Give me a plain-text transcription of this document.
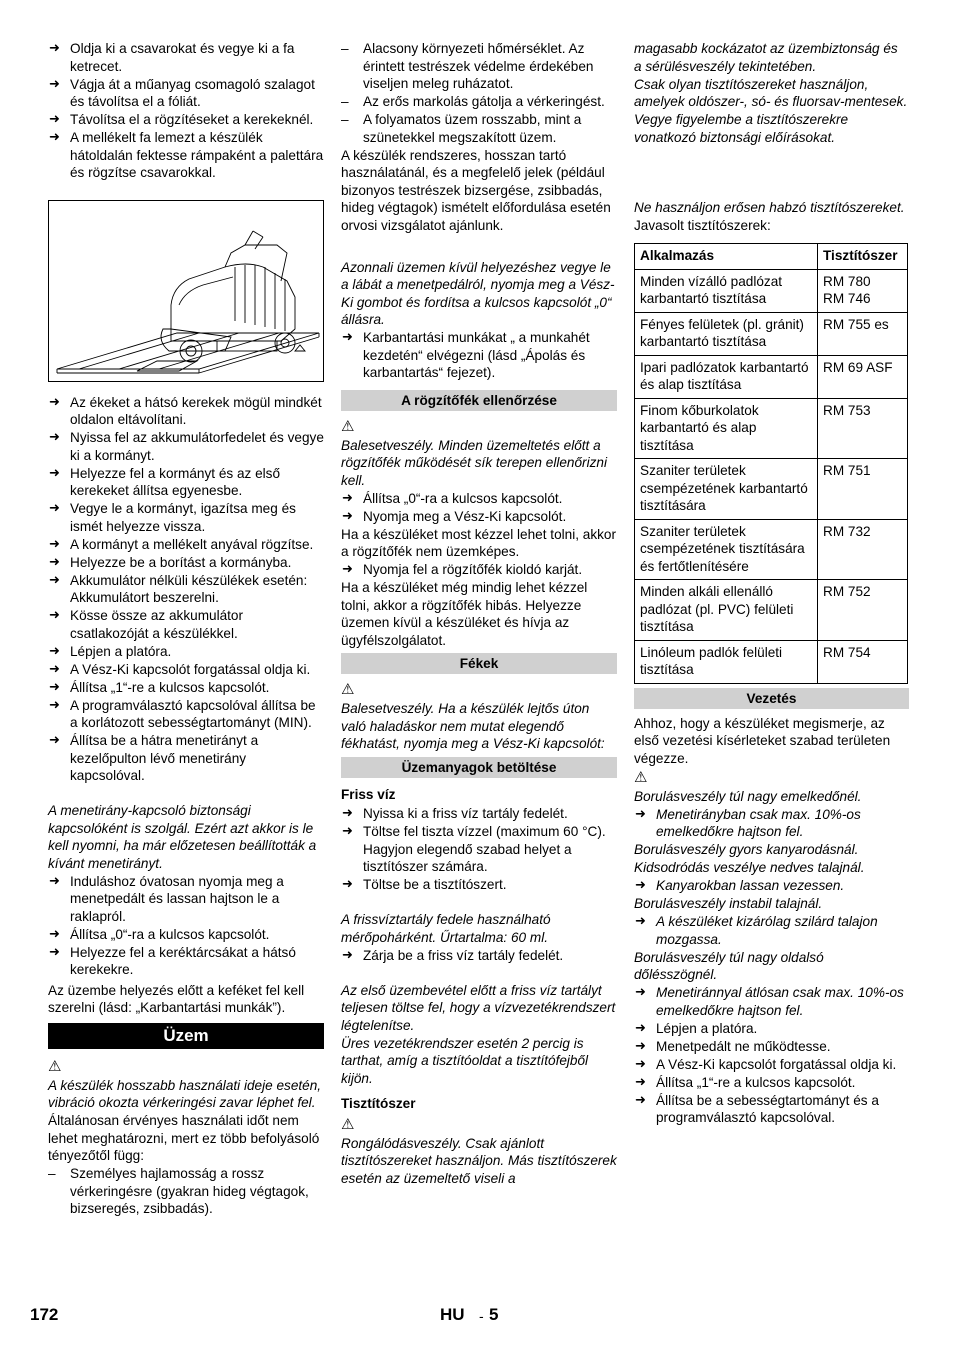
➜ Oldja ki a csavarokat és vegye ki a fa ketrecet.
➜ Vágja át a műanyag csomagoló szalagot és távolítsa el a fóliát.
➜ Távolítsa el a rögzítéseket a kerekeknél.
➜ A mellékelt fa lemezt a készülék hátoldalán fektesse rámpaként a palettára és rögzítse csavarokkal.
➜ Az ékeket a hátsó kerekek mögül mindkét oldalon eltávolítani.
➜ Nyissa fel az akkumulátorfedelet és vegye ki a kormányt.
➜ Helyezze fel a kormányt és az első kerekeket állítsa egyenesbe.
➜ Vegye le a kormányt, igazítsa meg és ismét helyezze vissza.
➜ A kormányt a mellékelt anyával rögzítse.
➜ Helyezze be a borítást a kormányba.
➜ Akkumulátor nélküli készülékek esetén: Akkumulátort beszerelni.
➜ Kösse össze az akkumulátor csatlakozóját a készülékkel.
➜ Lépjen a platóra.
➜ A Vész-Ki kapcsolót forgatással oldja ki.
➜ Állítsa „1“-re a kulcsos kapcsolót.
➜ A programválasztó kapcsolóval állítsa be a korlátozott sebességtartományt (MIN).
➜ Állítsa be a hátra menetirányt a kezelőpulton lévő menetirány kapcsolóval.
A menetirány-kapcsoló biztonsági kapcsolóként is szolgál. Ezért azt akkor is le kell nyomni, ha már előzetesen beállították a kívánt menetirányt.
➜ Induláshoz óvatosan nyomja meg a menetpedált és lassan hajtson le a raklapról.
➜ Állítsa „0“-ra a kulcsos kapcsolót.
➜ Helyezze fel a keréktárcsákat a hátsó kerekekre.
Az üzembe helyezés előtt a keféket fel kell szerelni (lásd: „Karbantartási munkák”).
Üzem
⚠
A készülék hosszabb használati ideje esetén, vibráció okozta vérkeringési zavar léphet fel.
Általánosan érvényes használati időt nem lehet meghatározni, mert ez több befolyásoló tényezőtől függ:
– Személyes hajlamosság a rossz vérkeringésre (gyakran hideg végtagok, bizseregés, zsibbadás).
– Alacsony környezeti hőmérséklet. Az érintett testrészek védelme érdekében viseljen meleg ruházatot.
– Az erős markolás gátolja a vérkeringést.
– A folyamatos üzem rosszabb, mint a szünetekkel megszakított üzem.
A készülék rendszeres, hosszan tartó használatánál, és a megfelelő jelek (például bizonyos testrészek bizsergése, zsibbadás, hideg végtagok) ismételt előfordulása esetén orvosi vizsgálatot ajánlunk.
Azonnali üzemen kívül helyezéshez vegye le a lábát a menetpedálról, nyomja meg a Vész-Ki gombot és fordítsa a kulcsos kapcsolót „0“ állásra.
➜ Karbantartási munkákat „ a munkahét kezdetén“ elvégezni (lásd „Ápolás és karbantartás“ fejezet).
A rögzítőfék ellenőrzése
⚠
Balesetveszély. Minden üzemeltetés előtt a rögzítőfék működését sík terepen ellenőrizni kell.
➜ Állítsa „0“-ra a kulcsos kapcsolót.
➜ Nyomja meg a Vész-Ki kapcsolót.
Ha a készüléket most kézzel lehet tolni, akkor a rögzítőfék nem üzemképes.
➜ Nyomja fel a rögzítőfék kioldó karját.
Ha a készüléket még mindig lehet kézzel tolni, akkor a rögzítőfék hibás. Helyezze üzemen kívül a készüléket és hívja az ügyfélszolgálatot.
Fékek
⚠
Balesetveszély. Ha a készülék lejtős úton való haladáskor nem mutat elegendő fékhatást, nyomja meg a Vész-Ki kapcsolót:
Üzemanyagok betöltése
Friss víz
➜ Nyissa ki a friss víz tartály fedelét.
➜ Töltse fel tiszta vízzel (maximum 60 °C). Hagyjon elegendő szabad helyet a tisztítószer számára.
➜ Töltse be a tisztítószert.
A frissvíztartály fedele használható mérőpohárként. Űrtartalma: 60 ml.
➜ Zárja be a friss víz tartály fedelét.
Az első üzembevétel előtt a friss víz tartályt teljesen töltse fel, hogy a vízvezetékrendszert légtelenítse.
Üres vezetékrendszer esetén 2 percig is tarthat, amíg a tisztítóoldat a tisztítófejből kijön.
Tisztítószer
⚠
Rongálódásveszély. Csak ajánlott tisztítószereket használjon. Más tisztítószerek esetén az üzemeltető viseli a
magasabb kockázatot az üzembiztonság és a sérülésveszély tekintetében.
Csak olyan tisztítószereket használjon, amelyek oldószer-, só- és fluorsav-mentesek.
Vegye figyelembe a tisztítószerekre vonatkozó biztonsági előírásokat.
Ne használjon erősen habzó tisztítószereket.
Javasolt tisztítószerek:
Alkalmazás	Tisztítószer
Minden vízálló padlózat karbantartó tisztítása	RM 780
RM 746
Fényes felületek (pl. gránit) karbantartó tisztítása	RM 755 es
Ipari padlózatok karbantartó és alap tisztítása	RM 69 ASF
Finom kőburkolatok karbantartó és alap tisztítása	RM 753
Szaniter területek csempézetének karbantartó tisztítására	RM 751
Szaniter területek csempézetének tisztítására és fertőtlenítésére	RM 732
Minden alkáli ellenálló padlózat (pl. PVC) felületi tisztítása	RM 752
Linóleum padlók felületi tisztítása	RM 754
Vezetés
Ahhoz, hogy a készüléket megismerje, az első vezetési kísérleteket szabad területen végezze.
⚠
Borulásveszély túl nagy emelkedőnél.
➜ Menetirányban csak max. 10%-os emelkedőkre hajtson fel.
Borulásveszély gyors kanyarodásnál.
Kidsodródás veszélye nedves talajnál.
➜ Kanyarokban lassan vezessen.
Borulásveszély instabil talajnál.
➜ A készüléket kizárólag szilárd talajon mozgassa.
Borulásveszély túl nagy oldalsó dőlésszögnél.
➜ Menetiránnyal átlósan csak max. 10%-os emelkedőkre hajtson fel.
➜ Lépjen a platóra.
➜ Menetpedált ne működtesse.
➜ A Vész-Ki kapcsolót forgatással oldja ki.
➜ Állítsa „1“-re a kulcsos kapcsolót.
➜ Állítsa be a sebességtartományt és a programválasztó kapcsolóval.
172	HU - 5
